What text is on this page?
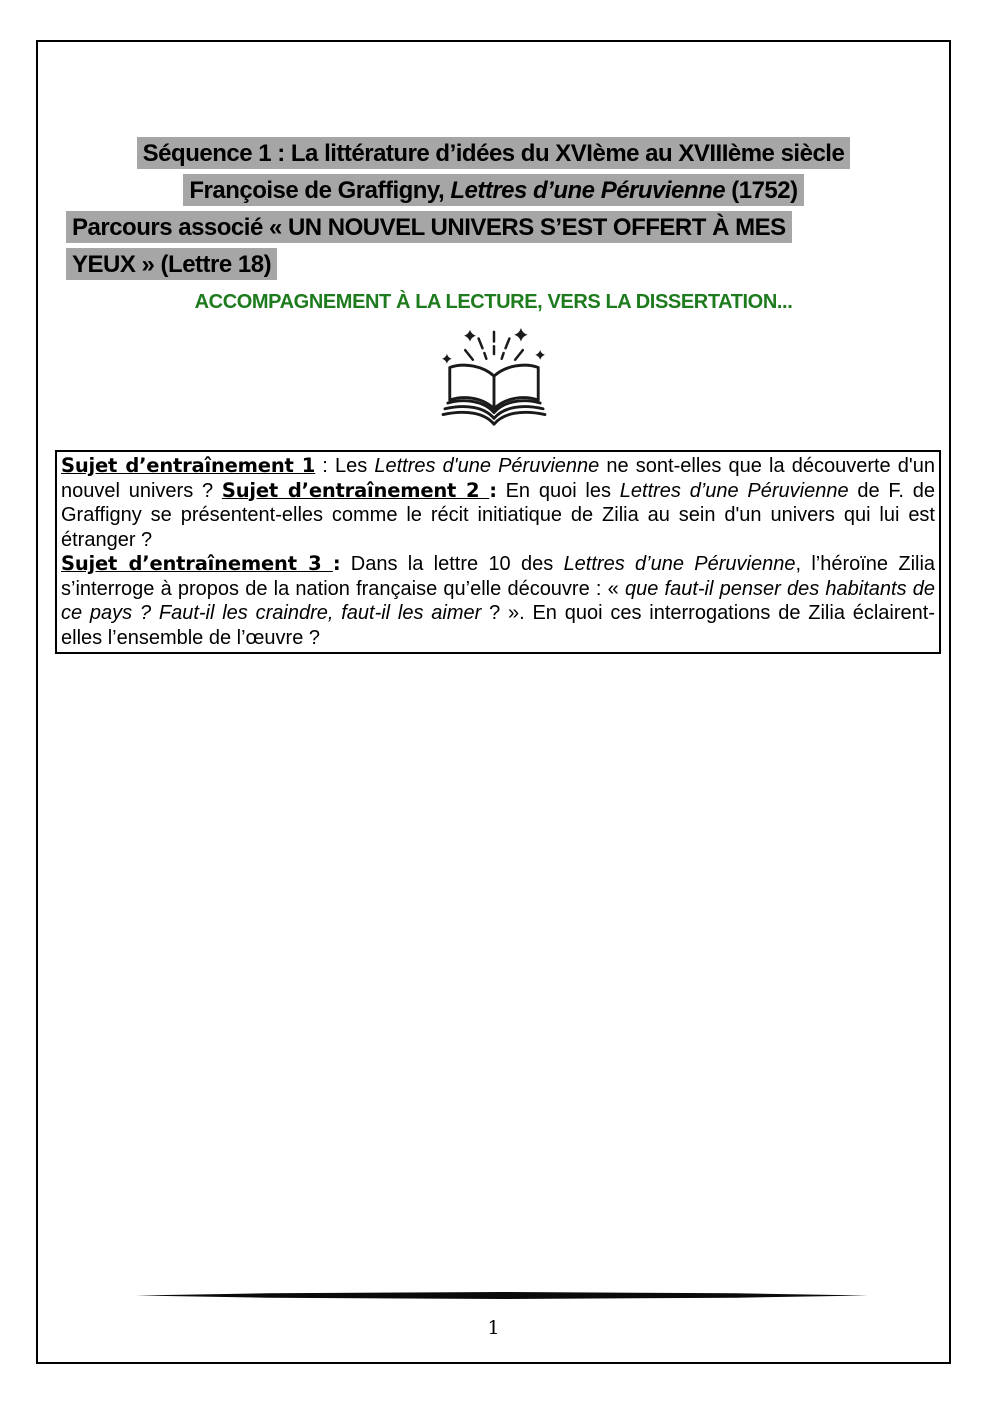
Séquence 1 : La littérature d’idées du XVIème au XVIIIème siècle
Françoise de Graffigny, Lettres d’une Péruvienne (1752)
Parcours associé « UN NOUVEL UNIVERS S’EST OFFERT À MES
YEUX » (Lettre 18)
ACCOMPAGNEMENT À LA LECTURE, VERS LA DISSERTATION...

Sujet d’entraînement 1 : Les Lettres d'une Péruvienne ne sont-elles que la découverte d'un nouvel univers ? Sujet d’entraînement 2 : En quoi les Lettres d’une Péruvienne de F. de Graffigny se présentent-elles comme le récit initiatique de Zilia au sein d'un univers qui lui est étranger ?

Sujet d’entraînement 3 : Dans la lettre 10 des Lettres d’une Péruvienne, l’héroïne Zilia s’interroge à propos de la nation française qu’elle découvre : « que faut-il penser des habitants de ce pays ? Faut-il les craindre, faut-il les aimer ? ». En quoi ces interrogations de Zilia éclairent-elles l’ensemble de l’œuvre ?

1
